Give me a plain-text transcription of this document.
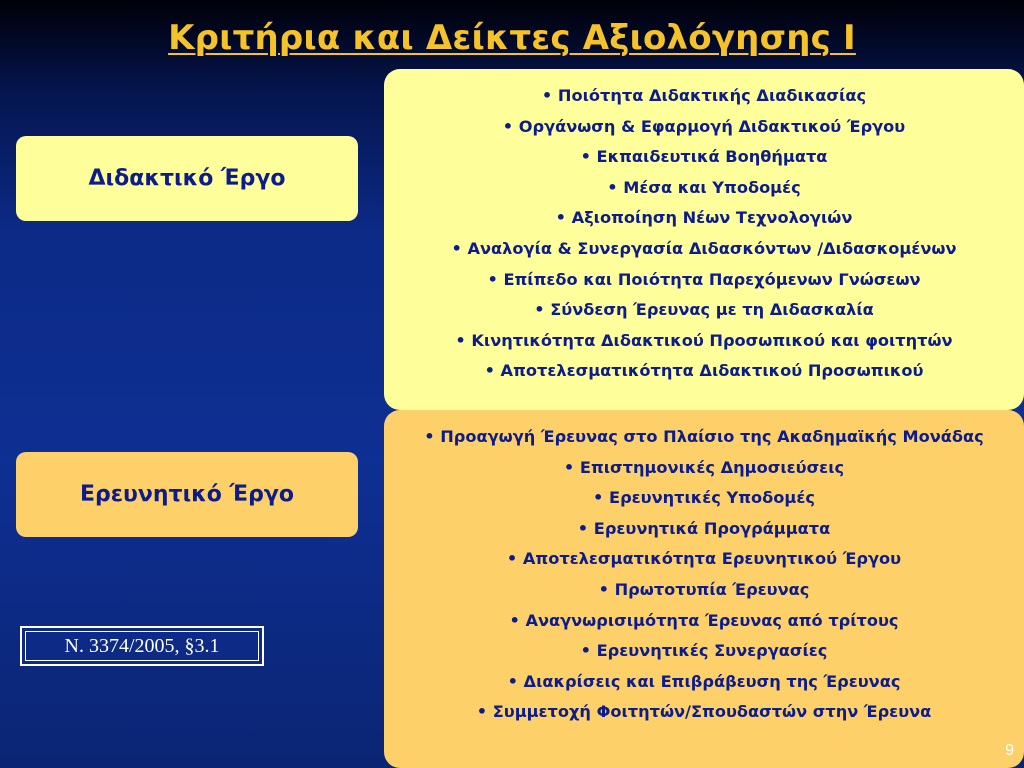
Κριτήρια και Δείκτες Αξιολόγησης Ι
Διδακτικό Έργο
Ερευνητικό Έργο
• Ποιότητα Διδακτικής Διαδικασίας
• Οργάνωση & Εφαρμογή Διδακτικού Έργου
• Εκπαιδευτικά Βοηθήματα
• Μέσα και Υποδομές
• Αξιοποίηση Νέων Τεχνολογιών
• Αναλογία & Συνεργασία Διδασκόντων /Διδασκομένων
• Επίπεδο και Ποιότητα Παρεχόμενων Γνώσεων
• Σύνδεση Έρευνας με τη Διδασκαλία
• Κινητικότητα Διδακτικού Προσωπικού και φοιτητών
• Αποτελεσματικότητα Διδακτικού Προσωπικού
• Προαγωγή Έρευνας στο Πλαίσιο της Ακαδημαϊκής Μονάδας
• Επιστημονικές Δημοσιεύσεις
• Ερευνητικές Υποδομές
• Ερευνητικά Προγράμματα
• Αποτελεσματικότητα Ερευνητικού Έργου
• Πρωτοτυπία Έρευνας
• Αναγνωρισιμότητα Έρευνας από τρίτους
• Ερευνητικές Συνεργασίες
• Διακρίσεις και Επιβράβευση της Έρευνας
• Συμμετοχή Φοιτητών/Σπουδαστών στην Έρευνα
Ν. 3374/2005, §3.1
9
